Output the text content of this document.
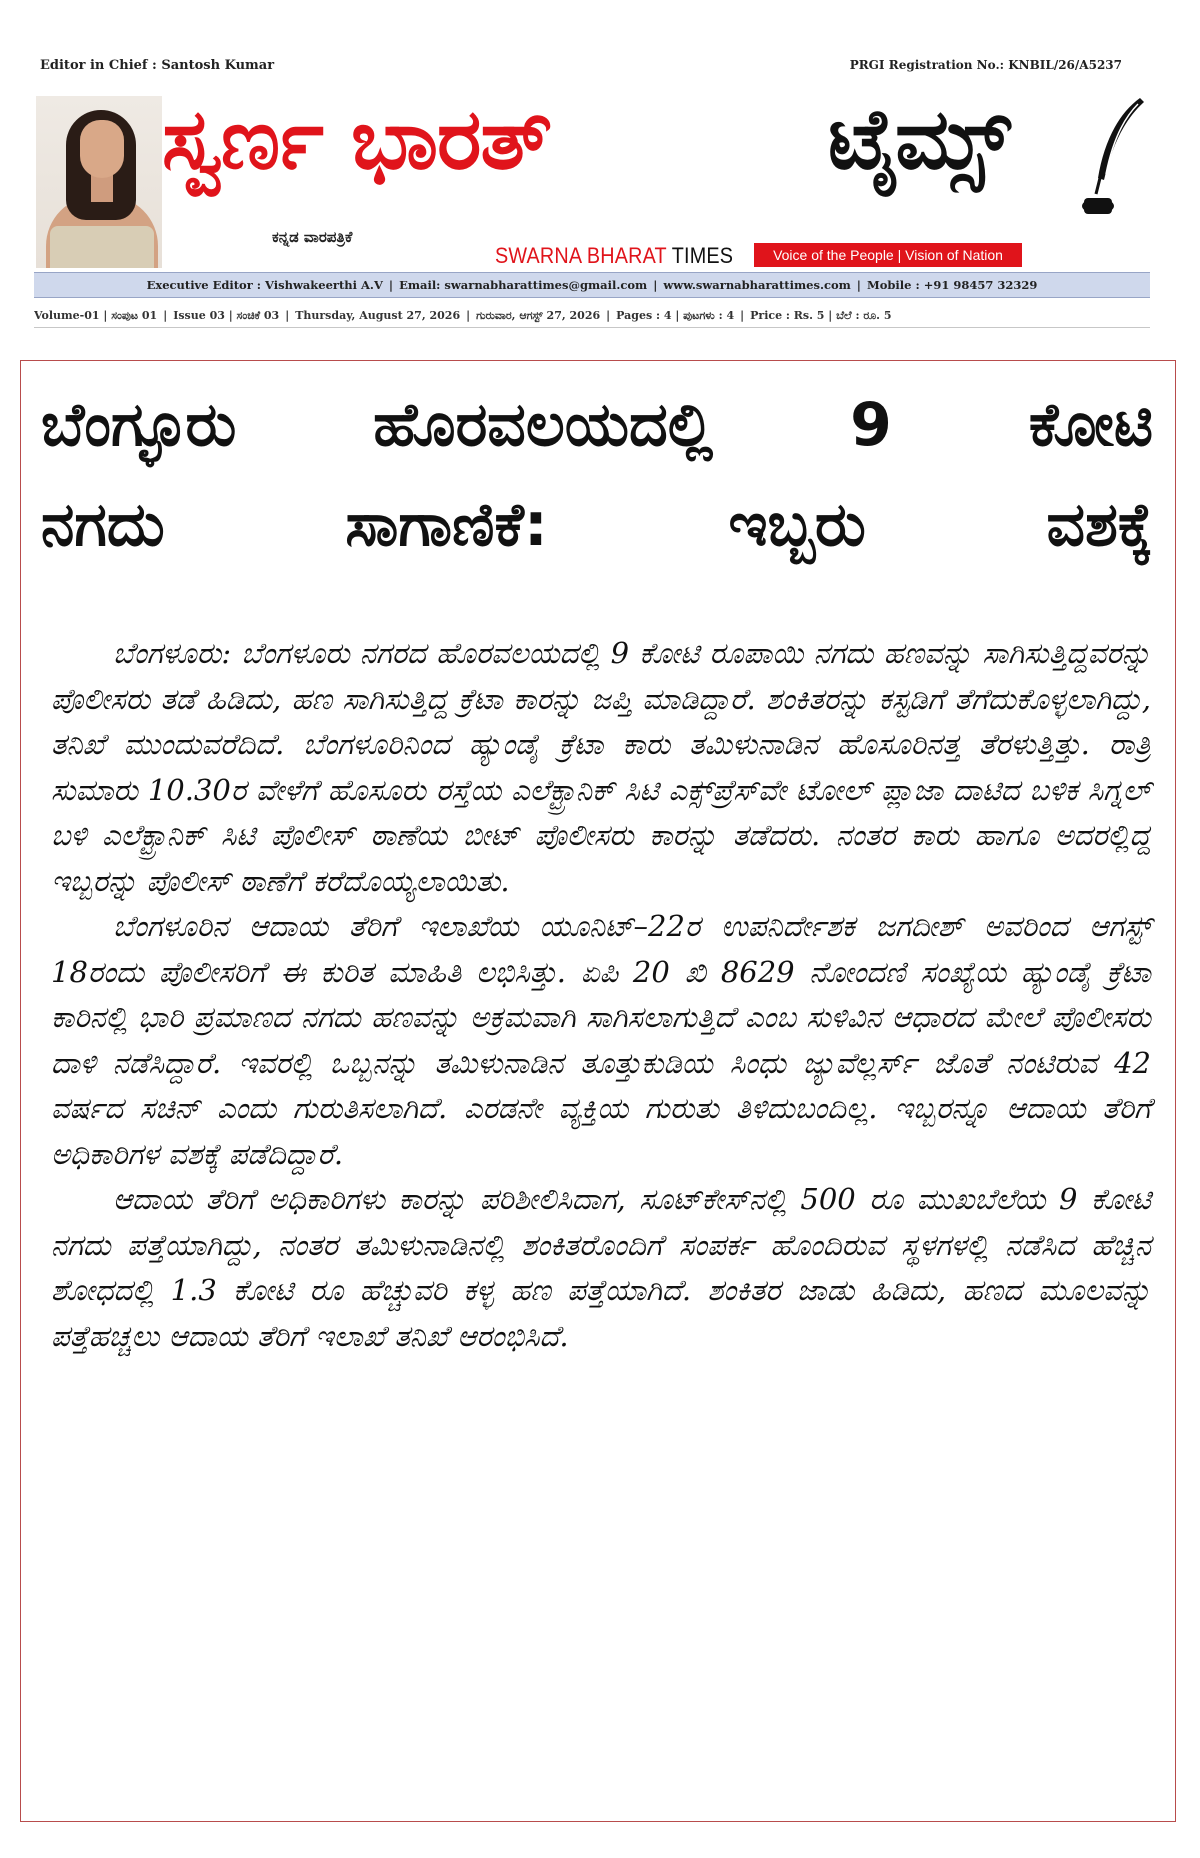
Editor in Chief : Santosh Kumar	PRGI Registration No.: KNBIL/26/A5237
ಸ್ವರ್ಣ ಭಾರತ್	ಟೈಮ್ಸ್
ಕನ್ನಡ ವಾರಪತ್ರಿಕೆ
SWARNA BHARAT TIMES	Voice of the People | Vision of Nation
Executive Editor : Vishwakeerthi A.V | Email: swarnabharattimes@gmail.com | www.swarnabharattimes.com | Mobile : +91 98457 32329
Volume-01 | ಸಂಪುಟ 01 | Issue 03 | ಸಂಚಿಕೆ 03 | Thursday, August 27, 2026 | ಗುರುವಾರ, ಆಗಸ್ಟ್ 27, 2026 | Pages : 4 | ಪುಟಗಳು : 4 | Price : Rs. 5 | ಬೆಲೆ : ರೂ. 5
ಬೆಂಗ್ಳೂರು ಹೊರವಲಯದಲ್ಲಿ 9 ಕೋಟಿ
ನಗದು ಸಾಗಾಣಿಕೆ: ಇಬ್ಬರು ವಶಕ್ಕೆ

ಬೆಂಗಳೂರು: ಬೆಂಗಳೂರು ನಗರದ ಹೊರವಲಯದಲ್ಲಿ 9 ಕೋಟಿ ರೂಪಾಯಿ ನಗದು ಹಣವನ್ನು ಸಾಗಿಸುತ್ತಿದ್ದವರನ್ನು ಪೊಲೀಸರು ತಡೆ ಹಿಡಿದು, ಹಣ ಸಾಗಿಸುತ್ತಿದ್ದ ಕ್ರೆಟಾ ಕಾರನ್ನು ಜಪ್ತಿ ಮಾಡಿದ್ದಾರೆ. ಶಂಕಿತರನ್ನು ಕಸ್ಟಡಿಗೆ ತೆಗೆದುಕೊಳ್ಳಲಾಗಿದ್ದು, ತನಿಖೆ ಮುಂದುವರೆದಿದೆ. ಬೆಂಗಳೂರಿನಿಂದ ಹ್ಯುಂಡೈ ಕ್ರೆಟಾ ಕಾರು ತಮಿಳುನಾಡಿನ ಹೊಸೂರಿನತ್ತ ತೆರಳುತ್ತಿತ್ತು. ರಾತ್ರಿ ಸುಮಾರು 10.30ರ ವೇಳೆಗೆ ಹೊಸೂರು ರಸ್ತೆಯ ಎಲೆಕ್ಟ್ರಾನಿಕ್ ಸಿಟಿ ಎಕ್ಸ್‌ಪ್ರೆಸ್‌ವೇ ಟೋಲ್ ಪ್ಲಾಜಾ ದಾಟಿದ ಬಳಿಕ ಸಿಗ್ನಲ್ ಬಳಿ ಎಲೆಕ್ಟ್ರಾನಿಕ್ ಸಿಟಿ ಪೊಲೀಸ್ ಠಾಣೆಯ ಬೀಟ್ ಪೊಲೀಸರು ಕಾರನ್ನು ತಡೆದರು. ನಂತರ ಕಾರು ಹಾಗೂ ಅದರಲ್ಲಿದ್ದ ಇಬ್ಬರನ್ನು ಪೊಲೀಸ್ ಠಾಣೆಗೆ ಕರೆದೊಯ್ಯಲಾಯಿತು.

ಬೆಂಗಳೂರಿನ ಆದಾಯ ತೆರಿಗೆ ಇಲಾಖೆಯ ಯೂನಿಟ್–22ರ ಉಪನಿರ್ದೇಶಕ ಜಗದೀಶ್ ಅವರಿಂದ ಆಗಸ್ಟ್ 18ರಂದು ಪೊಲೀಸರಿಗೆ ಈ ಕುರಿತ ಮಾಹಿತಿ ಲಭಿಸಿತ್ತು. ಏಪಿ 20 ಖಿ 8629 ನೋಂದಣಿ ಸಂಖ್ಯೆಯ ಹ್ಯುಂಡೈ ಕ್ರೆಟಾ ಕಾರಿನಲ್ಲಿ ಭಾರಿ ಪ್ರಮಾಣದ ನಗದು ಹಣವನ್ನು ಅಕ್ರಮವಾಗಿ ಸಾಗಿಸಲಾಗುತ್ತಿದೆ ಎಂಬ ಸುಳಿವಿನ ಆಧಾರದ ಮೇಲೆ ಪೊಲೀಸರು ದಾಳಿ ನಡೆಸಿದ್ದಾರೆ. ಇವರಲ್ಲಿ ಒಬ್ಬನನ್ನು ತಮಿಳುನಾಡಿನ ತೂತ್ತುಕುಡಿಯ ಸಿಂಧು ಜ್ಯುವೆಲ್ಲರ್ಸ್ ಜೊತೆ ನಂಟಿರುವ 42 ವರ್ಷದ ಸಚಿನ್ ಎಂದು ಗುರುತಿಸಲಾಗಿದೆ. ಎರಡನೇ ವ್ಯಕ್ತಿಯ ಗುರುತು ತಿಳಿದುಬಂದಿಲ್ಲ. ಇಬ್ಬರನ್ನೂ ಆದಾಯ ತೆರಿಗೆ ಅಧಿಕಾರಿಗಳ ವಶಕ್ಕೆ ಪಡೆದಿದ್ದಾರೆ.

ಆದಾಯ ತೆರಿಗೆ ಅಧಿಕಾರಿಗಳು ಕಾರನ್ನು ಪರಿಶೀಲಿಸಿದಾಗ, ಸೂಟ್‌ಕೇಸ್‌ನಲ್ಲಿ 500 ರೂ ಮುಖಬೆಲೆಯ 9 ಕೋಟಿ ನಗದು ಪತ್ತೆಯಾಗಿದ್ದು, ನಂತರ ತಮಿಳುನಾಡಿನಲ್ಲಿ ಶಂಕಿತರೊಂದಿಗೆ ಸಂಪರ್ಕ ಹೊಂದಿರುವ ಸ್ಥಳಗಳಲ್ಲಿ ನಡೆಸಿದ ಹೆಚ್ಚಿನ ಶೋಧದಲ್ಲಿ 1.3 ಕೋಟಿ ರೂ ಹೆಚ್ಚುವರಿ ಕಳ್ಳ ಹಣ ಪತ್ತೆಯಾಗಿದೆ. ಶಂಕಿತರ ಜಾಡು ಹಿಡಿದು, ಹಣದ ಮೂಲವನ್ನು ಪತ್ತೆಹಚ್ಚಲು ಆದಾಯ ತೆರಿಗೆ ಇಲಾಖೆ ತನಿಖೆ ಆರಂಭಿಸಿದೆ.
